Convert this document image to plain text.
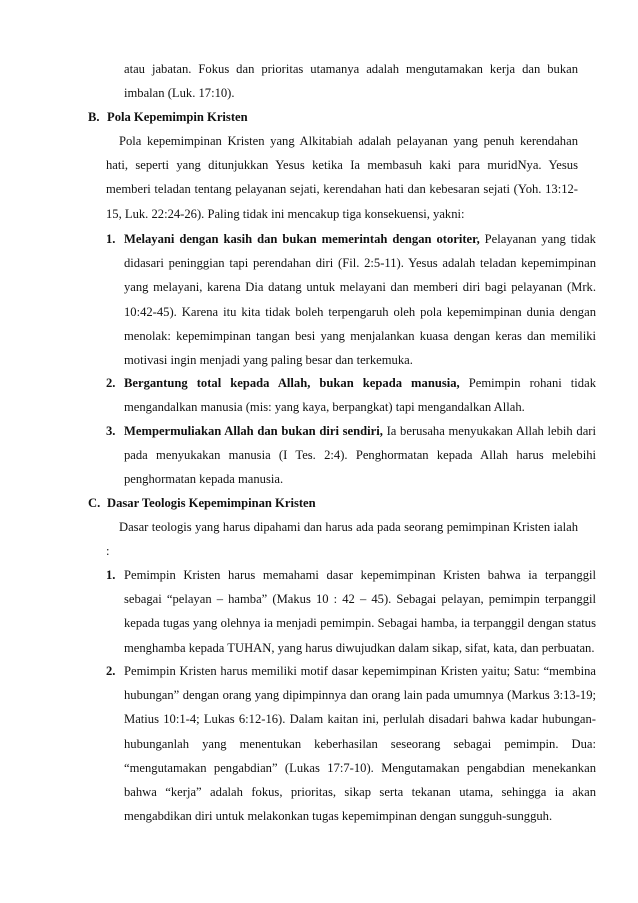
atau jabatan. Fokus dan prioritas utamanya adalah mengutamakan kerja dan bukan imbalan (Luk. 17:10).
B. Pola Kepemimpin Kristen
Pola kepemimpinan Kristen yang Alkitabiah adalah pelayanan yang penuh kerendahan hati, seperti yang ditunjukkan Yesus ketika Ia membasuh kaki para muridNya. Yesus memberi teladan tentang pelayanan sejati, kerendahan hati dan kebesaran sejati (Yoh. 13:12-15, Luk. 22:24-26). Paling tidak ini mencakup tiga konsekuensi, yakni:
1. Melayani dengan kasih dan bukan memerintah dengan otoriter, Pelayanan yang tidak didasari peninggian tapi perendahan diri (Fil. 2:5-11). Yesus adalah teladan kepemimpinan yang melayani, karena Dia datang untuk melayani dan memberi diri bagi pelayanan (Mrk. 10:42-45). Karena itu kita tidak boleh terpengaruh oleh pola kepemimpinan dunia dengan menolak: kepemimpinan tangan besi yang menjalankan kuasa dengan keras dan memiliki motivasi ingin menjadi yang paling besar dan terkemuka.
2. Bergantung total kepada Allah, bukan kepada manusia, Pemimpin rohani tidak mengandalkan manusia (mis: yang kaya, berpangkat) tapi mengandalkan Allah.
3. Mempermuliakan Allah dan bukan diri sendiri, Ia berusaha menyukakan Allah lebih dari pada menyukakan manusia (I Tes. 2:4). Penghormatan kepada Allah harus melebihi penghormatan kepada manusia.
C. Dasar Teologis Kepemimpinan Kristen
Dasar teologis yang harus dipahami dan harus ada pada seorang pemimpinan Kristen ialah :
1. Pemimpin Kristen harus memahami dasar kepemimpinan Kristen bahwa ia terpanggil sebagai “pelayan – hamba” (Makus 10 : 42 – 45). Sebagai pelayan, pemimpin terpanggil kepada tugas yang olehnya ia menjadi pemimpin. Sebagai hamba, ia terpanggil dengan status menghamba kepada TUHAN, yang harus diwujudkan dalam sikap, sifat, kata, dan perbuatan.
2. Pemimpin Kristen harus memiliki motif dasar kepemimpinan Kristen yaitu; Satu: “membina hubungan” dengan orang yang dipimpinnya dan orang lain pada umumnya (Markus 3:13-19; Matius 10:1-4; Lukas 6:12-16). Dalam kaitan ini, perlulah disadari bahwa kadar hubungan-hubunganlah yang menentukan keberhasilan seseorang sebagai pemimpin. Dua: “mengutamakan pengabdian” (Lukas 17:7-10). Mengutamakan pengabdian menekankan bahwa “kerja” adalah fokus, prioritas, sikap serta tekanan utama, sehingga ia akan mengabdikan diri untuk melakonkan tugas kepemimpinan dengan sungguh-sungguh.
